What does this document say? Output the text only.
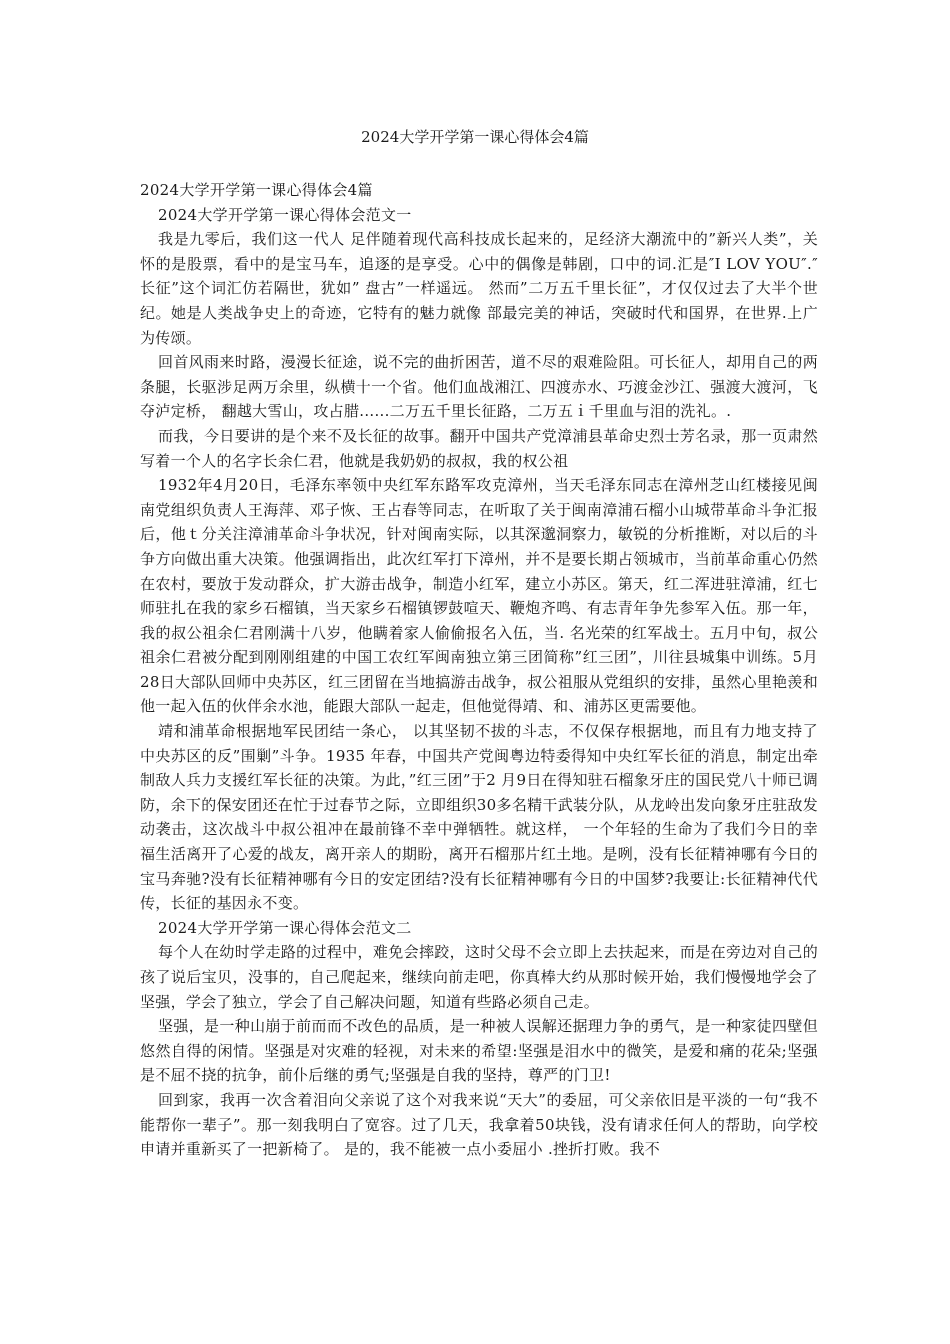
2024大学开学第一课心得体会4篇

2024大学开学第一课心得体会4篇

2024大学开学第一课心得体会范文一

我是九零后，我们这一代人 足伴随着现代高科技成长起来的，足经济大潮流中的”新兴人类”，关怀的是股票，看中的是宝马车，追逐的是享受。心中的偶像是韩剧，口中的词.汇是″I LOV YOU″.″长征”这个词汇仿若隔世，犹如” 盘古”一样遥远。 然而”二万五千里长征”，才仅仅过去了大半个世纪。她是人类战争史上的奇迹，它特有的魅力就像 部最完美的神话，突破时代和国界，在世界.上广为传颂。

回首风雨来时路，漫漫长征途，说不完的曲折困苦，道不尽的艰难险阻。可长征人，却用自己的两条腿，长驱涉足两万余里，纵横十一个省。他们血战湘江、四渡赤水、巧渡金沙江、强渡大渡河，飞夺泸定桥， 翻越大雪山，攻占腊......二万五千里长征路，二万五ｉ千里血与泪的洗礼。.

而我，今日要讲的是个来不及长征的故事。翻开中国共产党漳浦县革命史烈士芳名录，那一页肃然写着一个人的名字长余仁君，他就是我奶奶的叔叔，我的权公祖

1932年4月20日，毛泽东率领中央红军东路军攻克漳州，当天毛泽东同志在漳州芝山红楼接见闽南党组织负责人王海萍、邓子恢、王占春等同志，在听取了关于闽南漳浦石榴小山城带革命斗争汇报后，他ｔ分关注漳浦革命斗争状况，针对闽南实际，以其深邈洞察力，敏锐的分析推断，对以后的斗争方向做出重大决策。他强调指出，此次红军打下漳州，并不是要长期占领城市，当前革命重心仍然在农村，要放于发动群众，扩大游击战争，制造小红军，建立小苏区。第天，红二浑进驻漳浦，红七师驻扎在我的家乡石榴镇，当天家乡石榴镇锣鼓喧天、鞭炮齐鸣、有志青年争先参军入伍。那一年，我的叔公祖余仁君刚满十八岁，他瞒着家人偷偷报名入伍，当. 名光荣的红军战士。五月中旬，叔公祖余仁君被分配到刚刚组建的中国工农红军闽南独立第三团简称”红三团”，川往县城集中训练。5月28日大部队回师中央苏区，红三团留在当地搞游击战争，叔公祖服从党组织的安排，虽然心里艳羡和他一起入伍的伙伴余水池，能跟大部队一起走，但他觉得靖、和、浦苏区更需要他。

靖和浦革命根据地军民团结一条心， 以其坚韧不拔的斗志，不仅保存根据地，而且有力地支持了中央苏区的反”围剿”斗争。1935 年春，中国共产党闽粤边特委得知中央红军长征的消息，制定出牵制敌人兵力支援红军长征的决策。为此，”红三团”于2 月9日在得知驻石榴象牙庄的国民党八十师已调防，余下的保安团还在忙于过春节之际，立即组织30多名精干武装分队，从龙岭出发向象牙庄驻敌发动袭击，这次战斗中叔公祖冲在最前锋不幸中弹牺牲。就这样， 一个年轻的生命为了我们今日的幸福生活离开了心爱的战友，离开亲人的期盼，离开石榴那片红土地。是咧，没有长征精神哪有今日的宝马奔驰?没有长征精神哪有今日的安定团结?没有长征精神哪有今日的中国梦?我要让:长征精神代代传，长征的基因永不变。

2024大学开学第一课心得体会范文二

每个人在幼时学走路的过程中，难免会摔跤，这时父母不会立即上去扶起来，而是在旁边对自己的孩了说后宝贝，没事的，自己爬起来，继续向前走吧，你真棒大约从那时候开始，我们慢慢地学会了坚强，学会了独立，学会了自己解决问题，知道有些路必须自己走。

坚强，是一种山崩于前而而不改色的品质，是一种被人误解还据理力争的勇气，是一种家徒四壁但悠然自得的闲情。坚强是对灾难的轻视，对未来的希望:坚强是泪水中的微笑，是爱和痛的花朵;坚强是不屈不挠的抗争，前仆后继的勇气;坚强是自我的坚持，尊严的门卫!

回到家，我再一次含着泪向父亲说了这个对我来说“天大”的委屈，可父亲依旧是平淡的一句“我不能帮你一辈子”。那一刻我明白了宽容。过了几天，我拿着50块钱，没有请求任何人的帮助，向学校申请并重新买了一把新椅了。 是的，我不能被一点小委屈小 .挫折打败。我不
